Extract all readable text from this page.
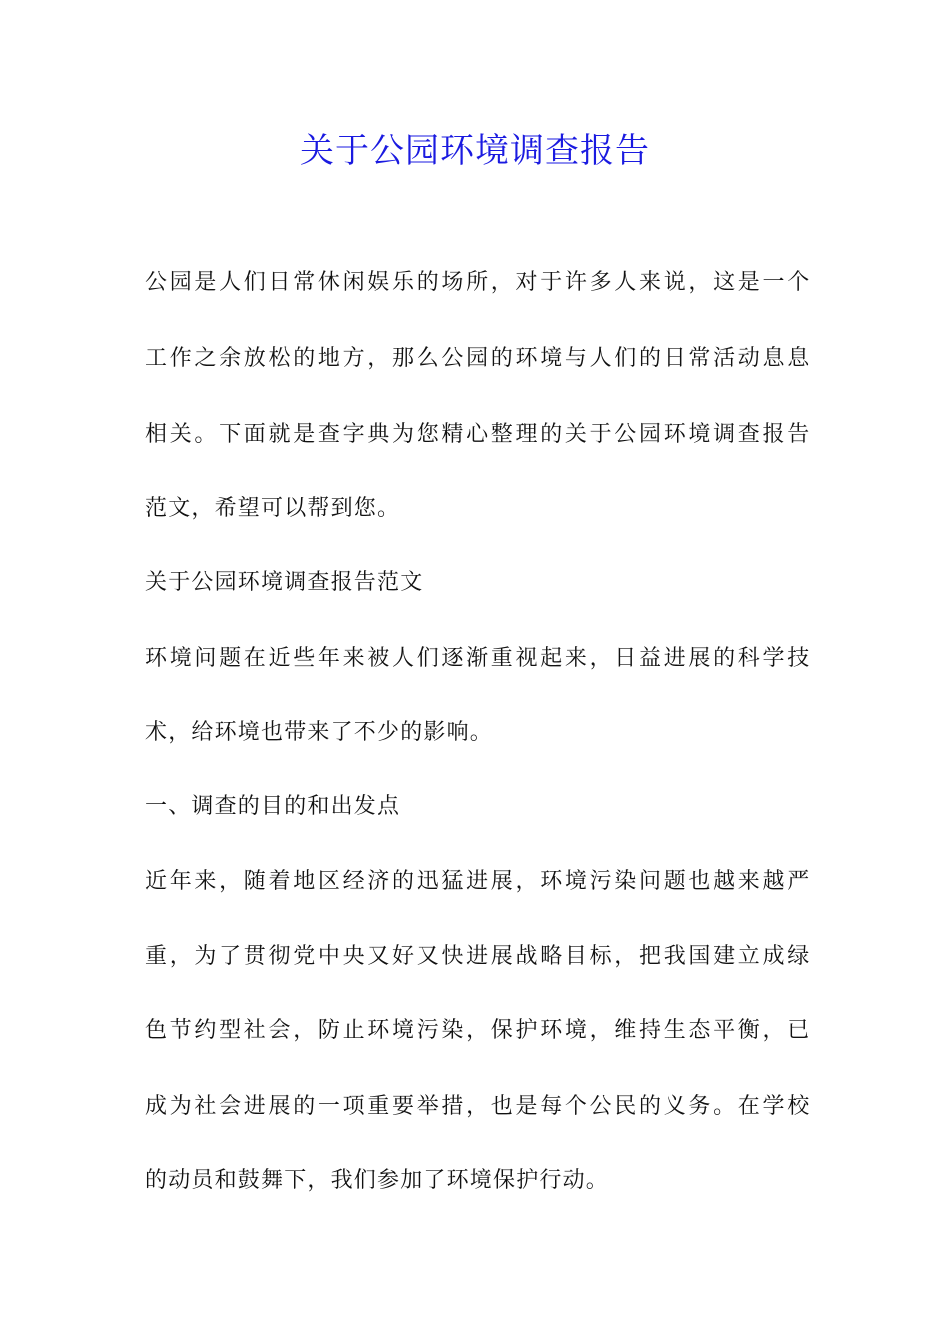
关于公园环境调查报告
公园是人们日常休闲娱乐的场所，对于许多人来说，这是一个
工作之余放松的地方，那么公园的环境与人们的日常活动息息
相关。下面就是查字典为您精心整理的关于公园环境调查报告
范文，希望可以帮到您。
关于公园环境调查报告范文
环境问题在近些年来被人们逐渐重视起来，日益进展的科学技
术，给环境也带来了不少的影响。
一、调查的目的和出发点
近年来，随着地区经济的迅猛进展，环境污染问题也越来越严
重，为了贯彻党中央又好又快进展战略目标，把我国建立成绿
色节约型社会，防止环境污染，保护环境，维持生态平衡，已
成为社会进展的一项重要举措，也是每个公民的义务。在学校
的动员和鼓舞下，我们参加了环境保护行动。
